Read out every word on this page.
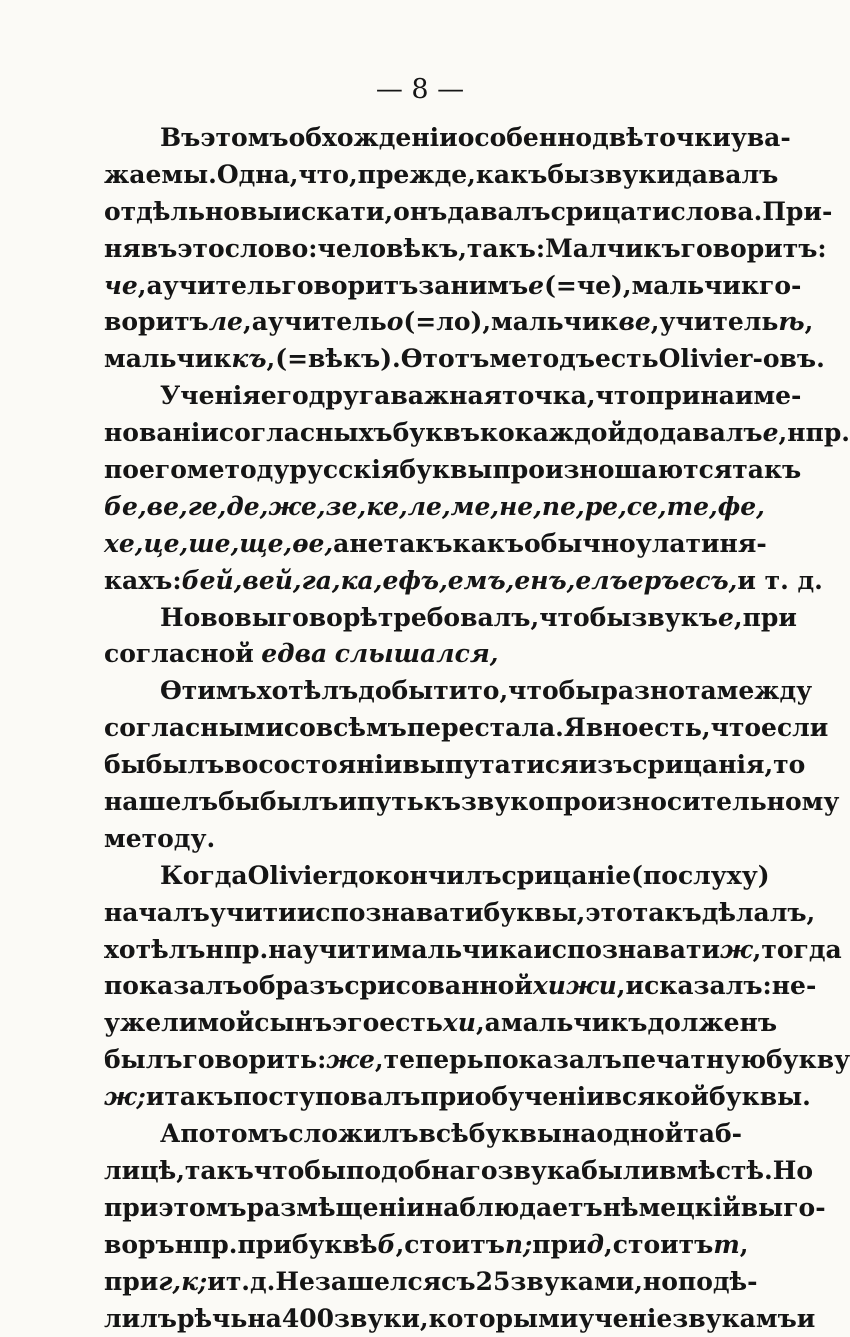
— 8 —
Въ этомъ обхожденiи особенно двѣ точки ува-
жаемы. Одна, что, прежде, какъбы звуки давалъ
отдѣльно выискати, онъ давалъ срицати слова. При-
нявъ это слово: человѣкъ, такъ: Малчикъ говоритъ:
че, а учитель говоритъ за нимъ е (=че), мальчик го-
воритъ ле, а учитель о (=ло), мальчик ве, учитель ѣ,
мальчик къ, (=вѣкъ). Ѳтотъ методъ есть Olivier-овъ.
Ученiя его друга важная точка, что при наиме-
нованiи согласныхъ буквъ ко каждой додавалъ е, нпр.
по его методу русскiя буквы произношаются такъ
бе, ве, ге, де, же, зе, ке, ле, ме, не, пе, ре, се, те, фе,
хе, це, ше, ще, ѳе, а не такъ какъ обычно у латиня-
кахъ: бей, вей, га, ка, ефъ, емъ, енъ, елъ еръ есъ, и т. д.
Но во выговорѣ требовалъ, чтобы звукъ е, при
согласной едва слышался,
Ѳтимъ хотѣлъ добыти то, чтобы разнота между
согласными совсѣмъ перестала. Явно есть, что если
бы былъ во состоянiи выпутатися изъ срицанiя, то
нашелъ бы былъ и путь къ звукопроизносительному
методу.
Когда Olivier докончилъ срицанiе (по слуху)
началъ учити испознавати буквы, это такъ дѣлалъ,
хотѣлъ нпр. научити мальчика испознавати ж, тогда
показалъ образъ срисованной хижи, и сказалъ : не-
ужели мой сынъ эго есть хи, а мальчикъ долженъ
былъ говорить: же, теперь показалъ печатную букву
ж; и такъ поступовалъ при обученiи всякой буквы.
А потомъ сложилъ всѣ буквы на одной таб-
лицѣ, такъ чтобы подобнаго звука были вмѣстѣ. Но
при этомъ размѣщенiи наблюдаетъ нѣмецкiй выго-
воръ нпр. при буквѣ б, стоитъ п; при д, стоитъ т,
при г, к; и т. д. Незашелся съ 25 звуками, но подѣ-
лилъ рѣчь на 400 звуки, которыми ученiе звукамъ и
